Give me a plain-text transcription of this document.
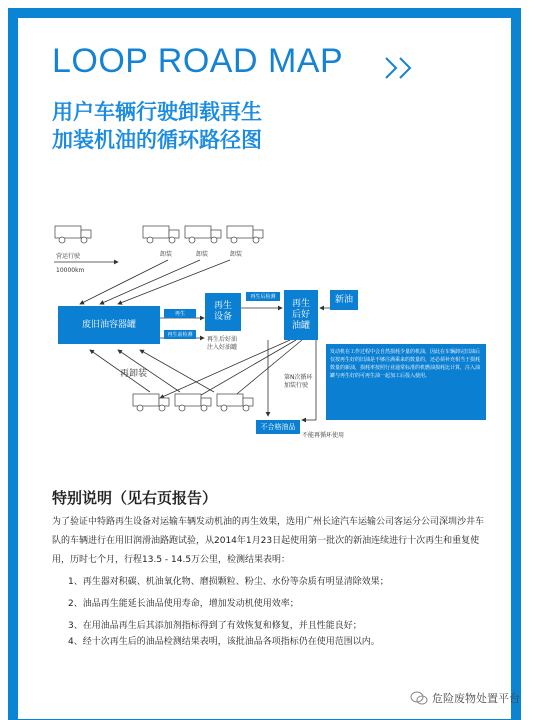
LOOP ROAD MAP
用户车辆行驶卸载再生
加装机油的循环路径图
营运行驶
10000km
卸装	卸装	卸装
废旧油容器罐
再生
再生前检测
再生
设备
再生后好油
注入好油罐
再生后检测
再生
后好
油罐
新油
发动机在工作过程中会自然损耗少量的机油，因此在车辆卸完旧油后仅按再生好的旧油是不够注满乘来的数量的，还必须补充相当于损耗数量的新油，损耗率按照行业通常标准的机燃油损耗比计算，注入油罐与再生好的可再生油一起加工后投入使用。
第N次循环
加装行驶
再卸装
不合格油品
不能再循环使用
特别说明（见右页报告）
为了验证中特路再生设备对运输车辆发动机油的再生效果，选用广州长途汽车运输公司客运分公司深圳沙井车队的车辆进行在用旧润滑油路跑试验，从2014年1月23日起使用第一批次的新油连续进行十次再生和重复使用，历时七个月，行程13.5 - 14.5万公里，检测结果表明：
1、再生器对积碳、机油氧化物、磨损颗粒、粉尘、水份等杂质有明显清除效果；
2、油品再生能延长油品使用寿命，增加发动机使用效率；
3、在用油品再生后其添加剂指标得到了有效恢复和修复，并且性能良好；
4、经十次再生后的油品检测结果表明，该批油品各项指标仍在使用范围以内。
危险废物处置平台
